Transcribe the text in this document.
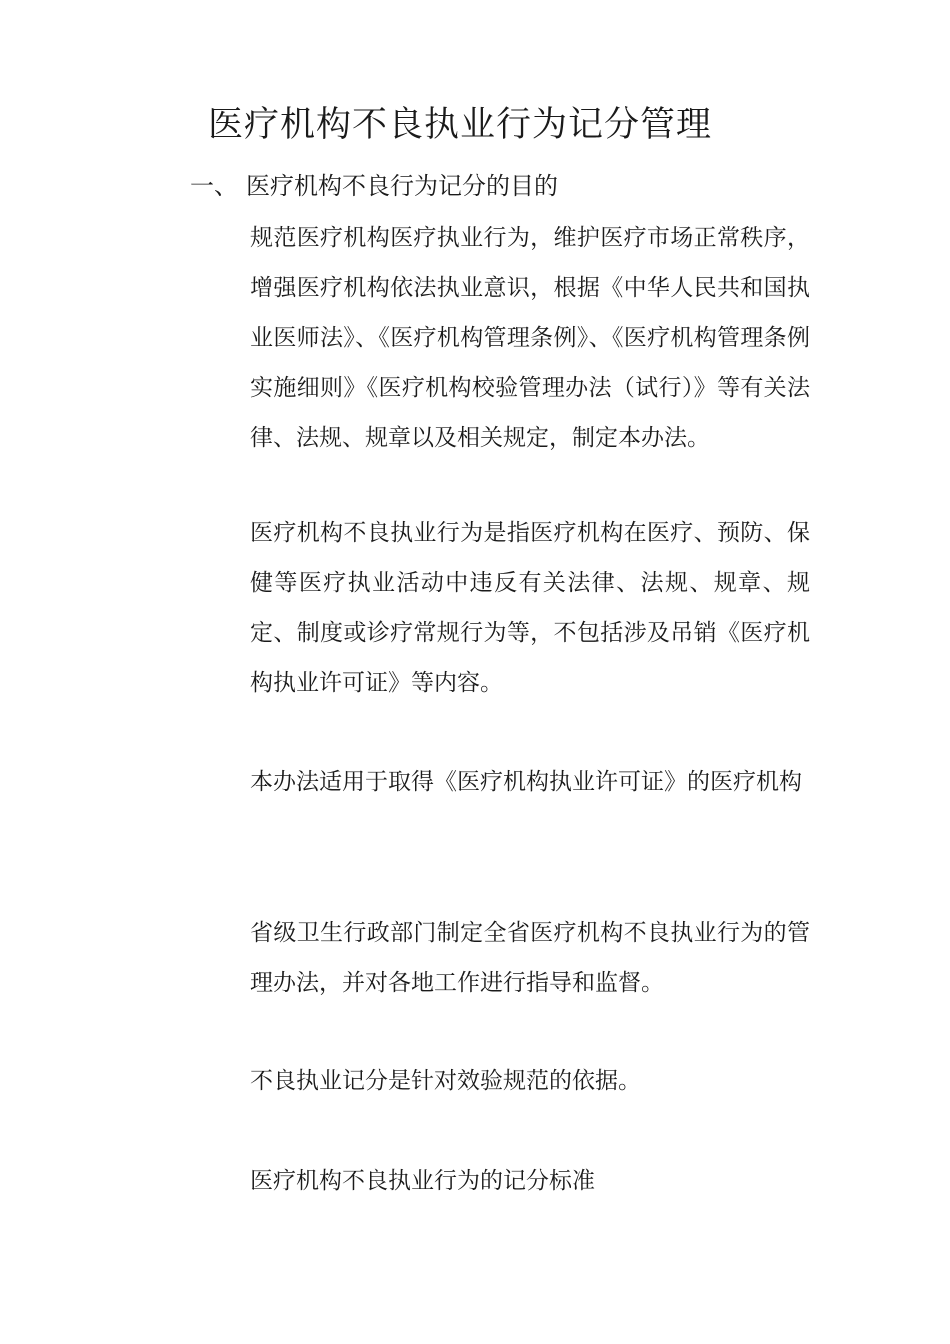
医疗机构不良执业行为记分管理
一、 医疗机构不良行为记分的目的

规范医疗机构医疗执业行为，维护医疗市场正常秩序，增强医疗机构依法执业意识，根据《中华人民共和国执业医师法》、《医疗机构管理条例》、《医疗机构管理条例实施细则》《医疗机构校验管理办法（试行）》等有关法律、法规、规章以及相关规定，制定本办法。

医疗机构不良执业行为是指医疗机构在医疗、预防、保健等医疗执业活动中违反有关法律、法规、规章、规定、制度或诊疗常规行为等，不包括涉及吊销《医疗机构执业许可证》等内容。

本办法适用于取得《医疗机构执业许可证》的医疗机构

省级卫生行政部门制定全省医疗机构不良执业行为的管理办法，并对各地工作进行指导和监督。

不良执业记分是针对效验规范的依据。

医疗机构不良执业行为的记分标准
